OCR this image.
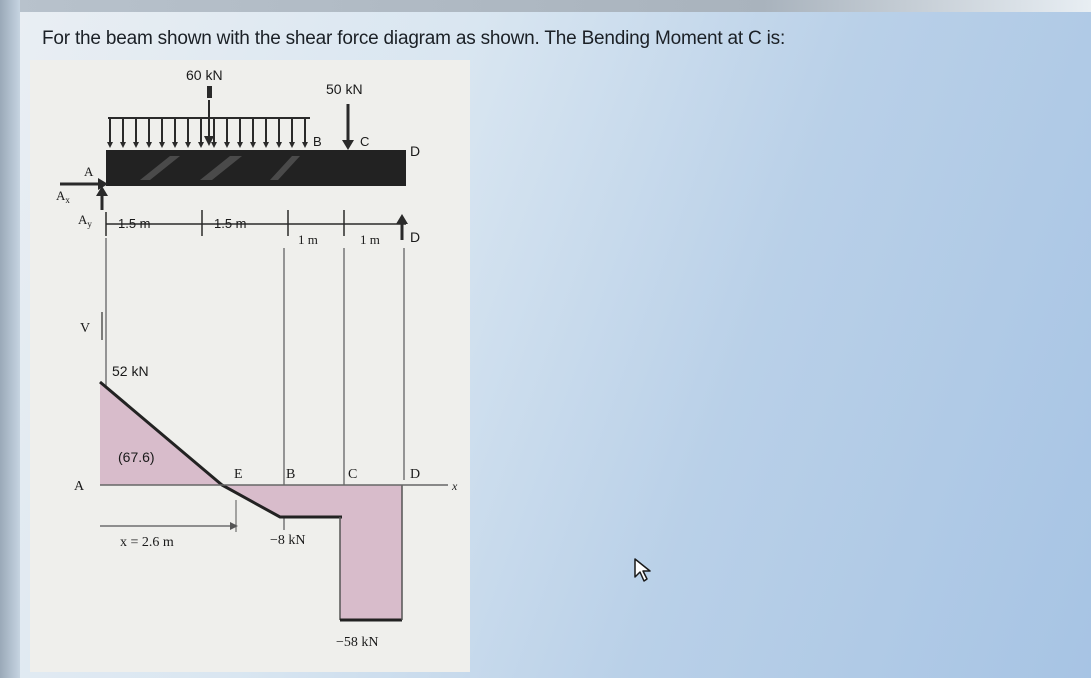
For the beam shown with the shear force diagram as shown. The Bending Moment at C is:
60 kN
50 kN
A
B	C
D
$A_x$
$A_y$
D
1.5 m	1.5 m
1 m	1 m
V
x
A
E	B	C	D
52 kN
(67.6)
−8 kN
−58 kN
x = 2.6 m
